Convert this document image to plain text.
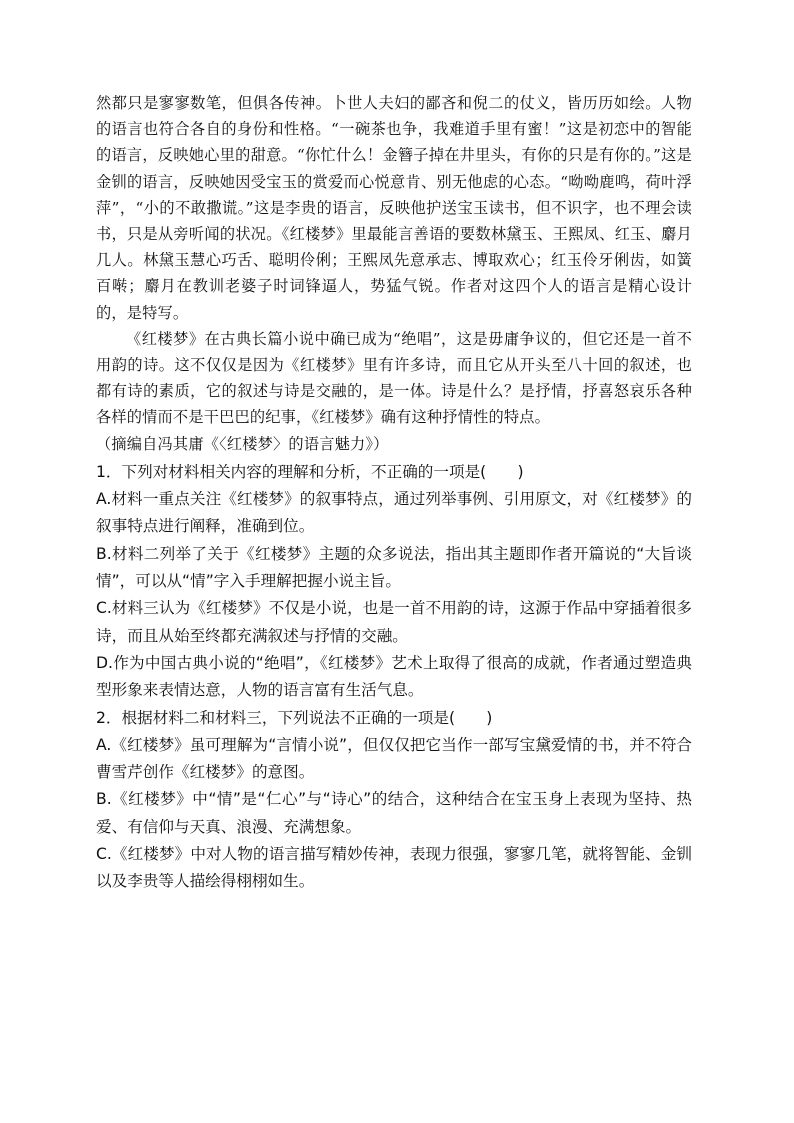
然都只是寥寥数笔，但俱各传神。卜世人夫妇的鄙吝和倪二的仗义，皆历历如绘。人物的语言也符合各自的身份和性格。“一碗茶也争，我难道手里有蜜！”这是初恋中的智能的语言，反映她心里的甜意。“你忙什么！金簪子掉在井里头，有你的只是有你的。”这是金钏的语言，反映她因受宝玉的赏爱而心悦意肯、别无他虑的心态。“呦呦鹿鸣，荷叶浮萍”，“小的不敢撒谎。”这是李贵的语言，反映他护送宝玉读书，但不识字，也不理会读书，只是从旁听闻的状况。《红楼梦》里最能言善语的要数林黛玉、王熙凤、红玉、麝月几人。林黛玉慧心巧舌、聪明伶俐；王熙凤先意承志、博取欢心；红玉伶牙俐齿，如簧百啭；麝月在教训老婆子时词锋逼人，势猛气锐。作者对这四个人的语言是精心设计的，是特写。

《红楼梦》在古典长篇小说中确已成为“绝唱”，这是毋庸争议的，但它还是一首不用韵的诗。这不仅仅是因为《红楼梦》里有许多诗，而且它从开头至八十回的叙述，也都有诗的素质，它的叙述与诗是交融的，是一体。诗是什么？是抒情，抒喜怒哀乐各种各样的情而不是干巴巴的纪事，《红楼梦》确有这种抒情性的特点。

（摘编自冯其庸《〈红楼梦〉的语言魅力》）

1．下列对材料相关内容的理解和分析，不正确的一项是(　　)

A.材料一重点关注《红楼梦》的叙事特点，通过列举事例、引用原文，对《红楼梦》的叙事特点进行阐释，准确到位。

B.材料二列举了关于《红楼梦》主题的众多说法，指出其主题即作者开篇说的“大旨谈情”，可以从“情”字入手理解把握小说主旨。

C.材料三认为《红楼梦》不仅是小说，也是一首不用韵的诗，这源于作品中穿插着很多诗，而且从始至终都充满叙述与抒情的交融。

D.作为中国古典小说的“绝唱”，《红楼梦》艺术上取得了很高的成就，作者通过塑造典型形象来表情达意，人物的语言富有生活气息。

2．根据材料二和材料三，下列说法不正确的一项是(　　)

A.《红楼梦》虽可理解为“言情小说”，但仅仅把它当作一部写宝黛爱情的书，并不符合曹雪芹创作《红楼梦》的意图。

B.《红楼梦》中“情”是“仁心”与“诗心”的结合，这种结合在宝玉身上表现为坚持、热爱、有信仰与天真、浪漫、充满想象。

C.《红楼梦》中对人物的语言描写精妙传神，表现力很强，寥寥几笔，就将智能、金钏以及李贵等人描绘得栩栩如生。
